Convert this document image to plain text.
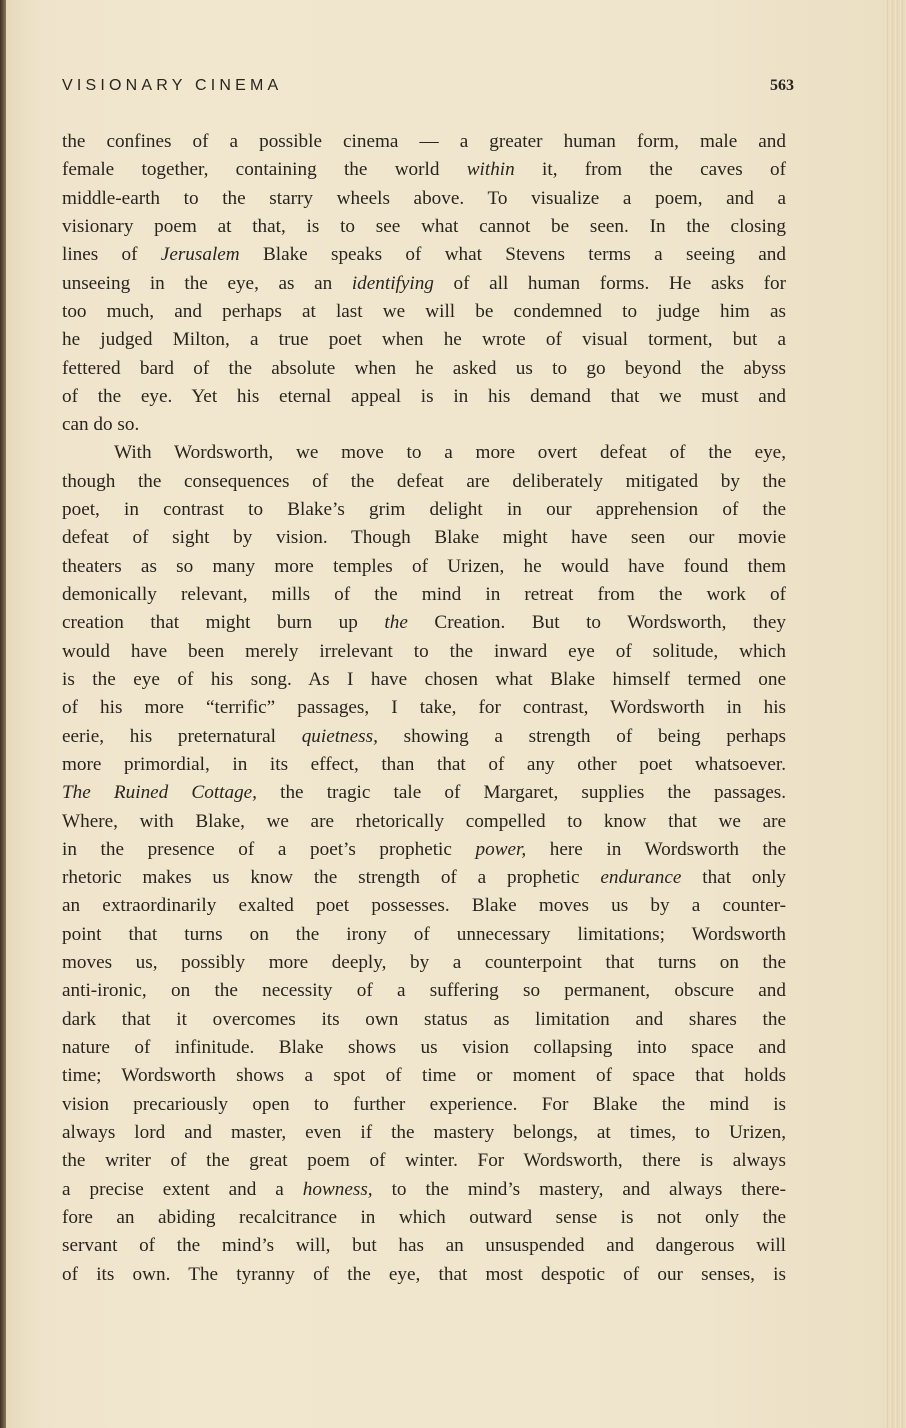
VISIONARY CINEMA	563
the confines of a possible cinema — a greater human form, male and
female together, containing the world within it, from the caves of
middle-earth to the starry wheels above. To visualize a poem, and a
visionary poem at that, is to see what cannot be seen. In the closing
lines of Jerusalem Blake speaks of what Stevens terms a seeing and
unseeing in the eye, as an identifying of all human forms. He asks for
too much, and perhaps at last we will be condemned to judge him as
he judged Milton, a true poet when he wrote of visual torment, but a
fettered bard of the absolute when he asked us to go beyond the abyss
of the eye. Yet his eternal appeal is in his demand that we must and
can do so.
With Wordsworth, we move to a more overt defeat of the eye,
though the consequences of the defeat are deliberately mitigated by the
poet, in contrast to Blake’s grim delight in our apprehension of the
defeat of sight by vision. Though Blake might have seen our movie
theaters as so many more temples of Urizen, he would have found them
demonically relevant, mills of the mind in retreat from the work of
creation that might burn up the Creation. But to Wordsworth, they
would have been merely irrelevant to the inward eye of solitude, which
is the eye of his song. As I have chosen what Blake himself termed one
of his more “terrific” passages, I take, for contrast, Wordsworth in his
eerie, his preternatural quietness, showing a strength of being perhaps
more primordial, in its effect, than that of any other poet whatsoever.
The Ruined Cottage, the tragic tale of Margaret, supplies the passages.
Where, with Blake, we are rhetorically compelled to know that we are
in the presence of a poet’s prophetic power, here in Wordsworth the
rhetoric makes us know the strength of a prophetic endurance that only
an extraordinarily exalted poet possesses. Blake moves us by a counter-
point that turns on the irony of unnecessary limitations; Wordsworth
moves us, possibly more deeply, by a counterpoint that turns on the
anti-ironic, on the necessity of a suffering so permanent, obscure and
dark that it overcomes its own status as limitation and shares the
nature of infinitude. Blake shows us vision collapsing into space and
time; Wordsworth shows a spot of time or moment of space that holds
vision precariously open to further experience. For Blake the mind is
always lord and master, even if the mastery belongs, at times, to Urizen,
the writer of the great poem of winter. For Wordsworth, there is always
a precise extent and a howness, to the mind’s mastery, and always there-
fore an abiding recalcitrance in which outward sense is not only the
servant of the mind’s will, but has an unsuspended and dangerous will
of its own. The tyranny of the eye, that most despotic of our senses, is
